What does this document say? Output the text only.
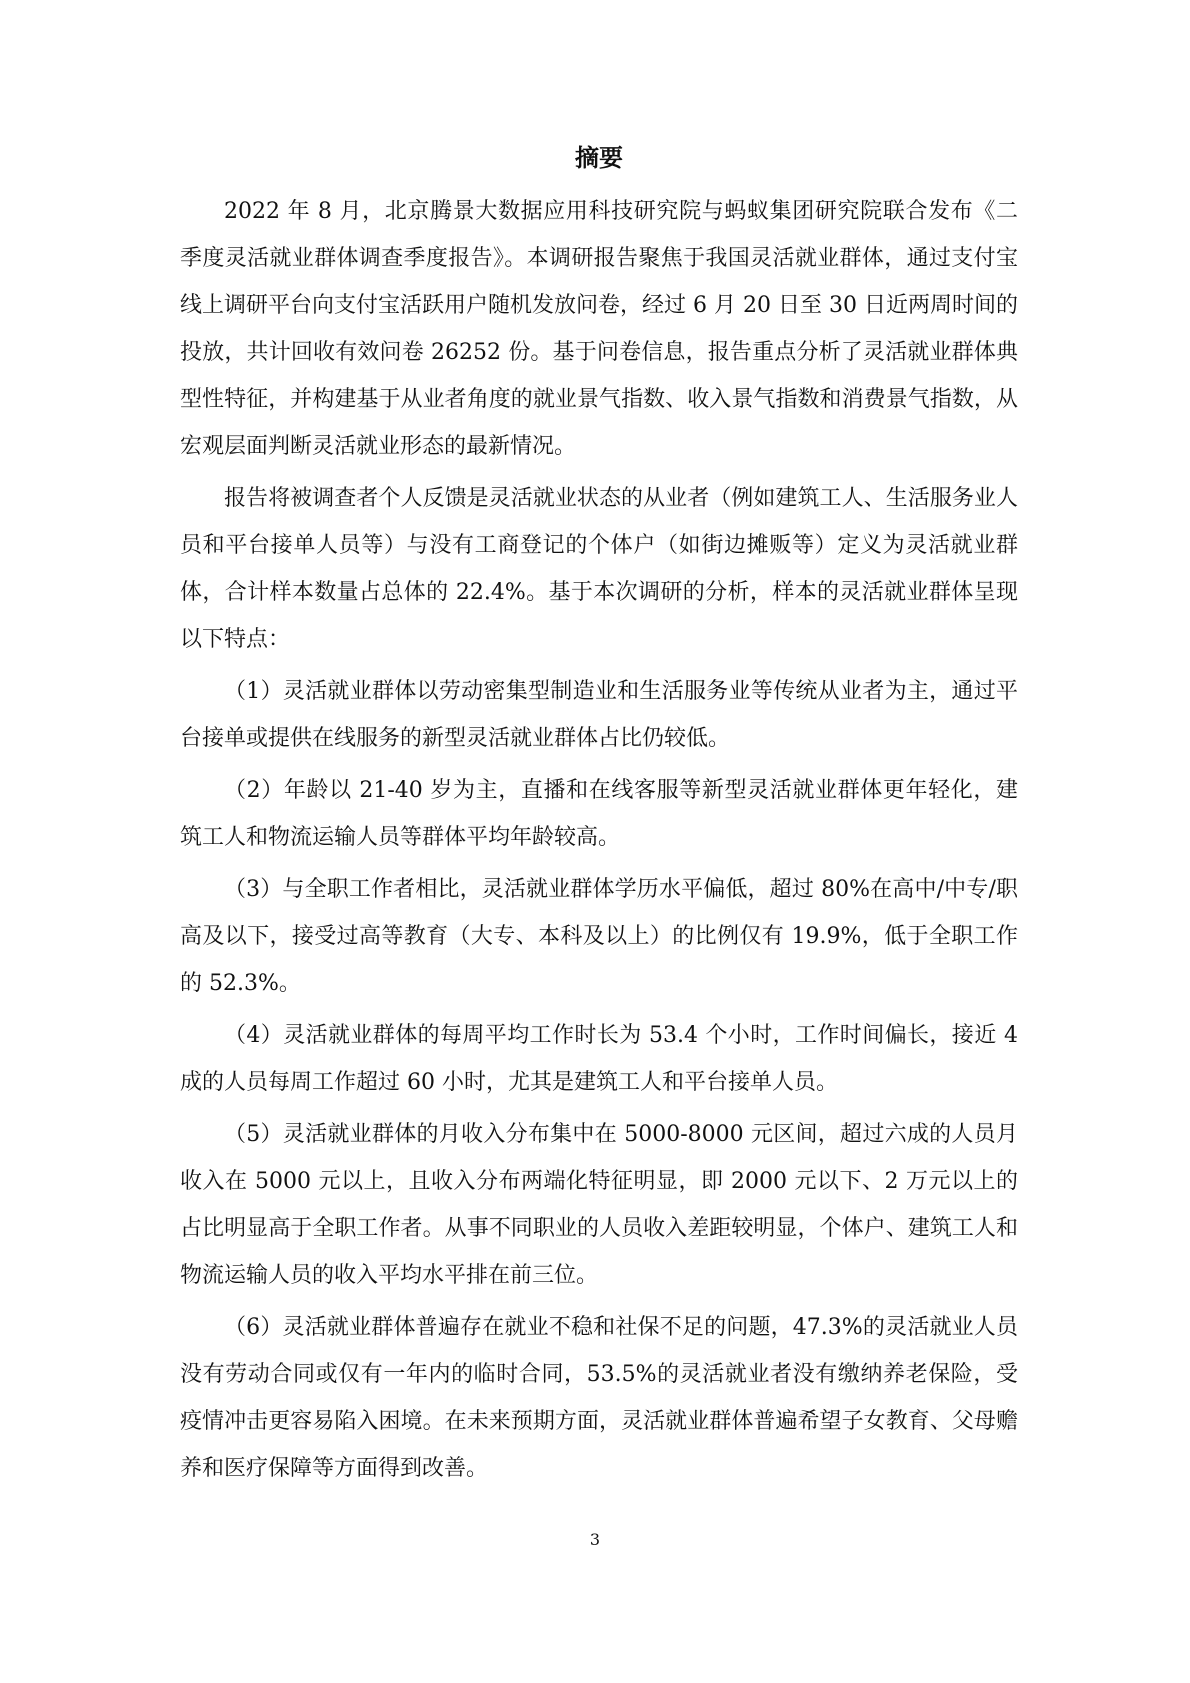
摘要

2022 年 8 月，北京腾景大数据应用科技研究院与蚂蚁集团研究院联合发布《二季度灵活就业群体调查季度报告》。本调研报告聚焦于我国灵活就业群体，通过支付宝线上调研平台向支付宝活跃用户随机发放问卷，经过 6 月 20 日至 30 日近两周时间的投放，共计回收有效问卷 26252 份。基于问卷信息，报告重点分析了灵活就业群体典型性特征，并构建基于从业者角度的就业景气指数、收入景气指数和消费景气指数，从宏观层面判断灵活就业形态的最新情况。

报告将被调查者个人反馈是灵活就业状态的从业者（例如建筑工人、生活服务业人员和平台接单人员等）与没有工商登记的个体户（如街边摊贩等）定义为灵活就业群体，合计样本数量占总体的 22.4%。基于本次调研的分析，样本的灵活就业群体呈现以下特点：

（1）灵活就业群体以劳动密集型制造业和生活服务业等传统从业者为主，通过平台接单或提供在线服务的新型灵活就业群体占比仍较低。

（2）年龄以 21-40 岁为主，直播和在线客服等新型灵活就业群体更年轻化，建筑工人和物流运输人员等群体平均年龄较高。

（3）与全职工作者相比，灵活就业群体学历水平偏低，超过 80%在高中/中专/职高及以下，接受过高等教育（大专、本科及以上）的比例仅有 19.9%，低于全职工作的 52.3%。

（4）灵活就业群体的每周平均工作时长为 53.4 个小时，工作时间偏长，接近 4 成的人员每周工作超过 60 小时，尤其是建筑工人和平台接单人员。

（5）灵活就业群体的月收入分布集中在 5000-8000 元区间，超过六成的人员月收入在 5000 元以上，且收入分布两端化特征明显，即 2000 元以下、2 万元以上的占比明显高于全职工作者。从事不同职业的人员收入差距较明显，个体户、建筑工人和物流运输人员的收入平均水平排在前三位。

（6）灵活就业群体普遍存在就业不稳和社保不足的问题，47.3%的灵活就业人员没有劳动合同或仅有一年内的临时合同，53.5%的灵活就业者没有缴纳养老保险，受疫情冲击更容易陷入困境。在未来预期方面，灵活就业群体普遍希望子女教育、父母赡养和医疗保障等方面得到改善。

3
